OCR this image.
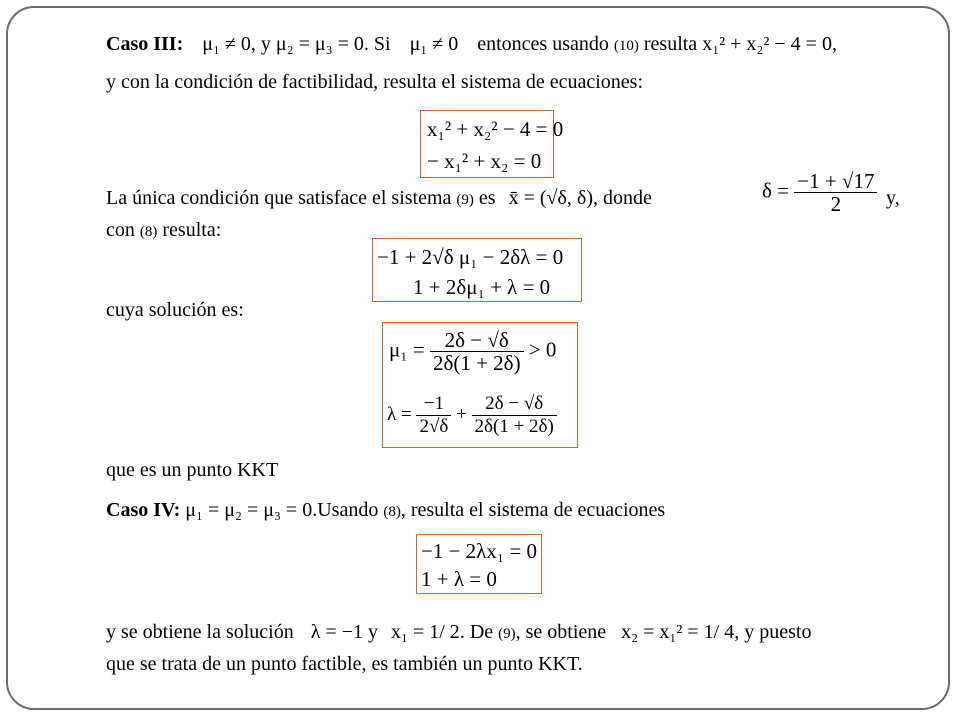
Caso III: μ₁ ≠ 0, y μ₂ = μ₃ = 0. Si μ₁ ≠ 0 entonces usando (10) resulta x₁² + x₂² − 4 = 0,
y con la condición de factibilidad, resulta el sistema de ecuaciones:
x₁² + x₂² − 4 = 0
− x₁² + x₂ = 0
La única condición que satisface el sistema (9) es x̄ = (√δ, δ), donde	$\delta = \frac{-1 + √17}{2} y$,
con (8) resulta:
−1 + 2√δ μ₁ − 2δλ = 0
1 + 2δμ₁ + λ = 0
cuya solución es:
$\mu_1 = \frac{2\delta - √\delta}{2\delta(1 + 2\delta)} > 0$
$\lambda = \frac{-1}{2√\delta} + \frac{2\delta - √\delta}{2\delta(1 + 2\delta)}$
que es un punto KKT
Caso IV: μ₁ = μ₂ = μ₃ = 0.Usando (8), resulta el sistema de ecuaciones
−1 − 2λx₁ = 0
1 + λ = 0
y se obtiene la solución λ = −1 y x₁ = 1/ 2. De (9), se obtiene x₂ = x₁² = 1/ 4, y puesto
que se trata de un punto factible, es también un punto KKT.
